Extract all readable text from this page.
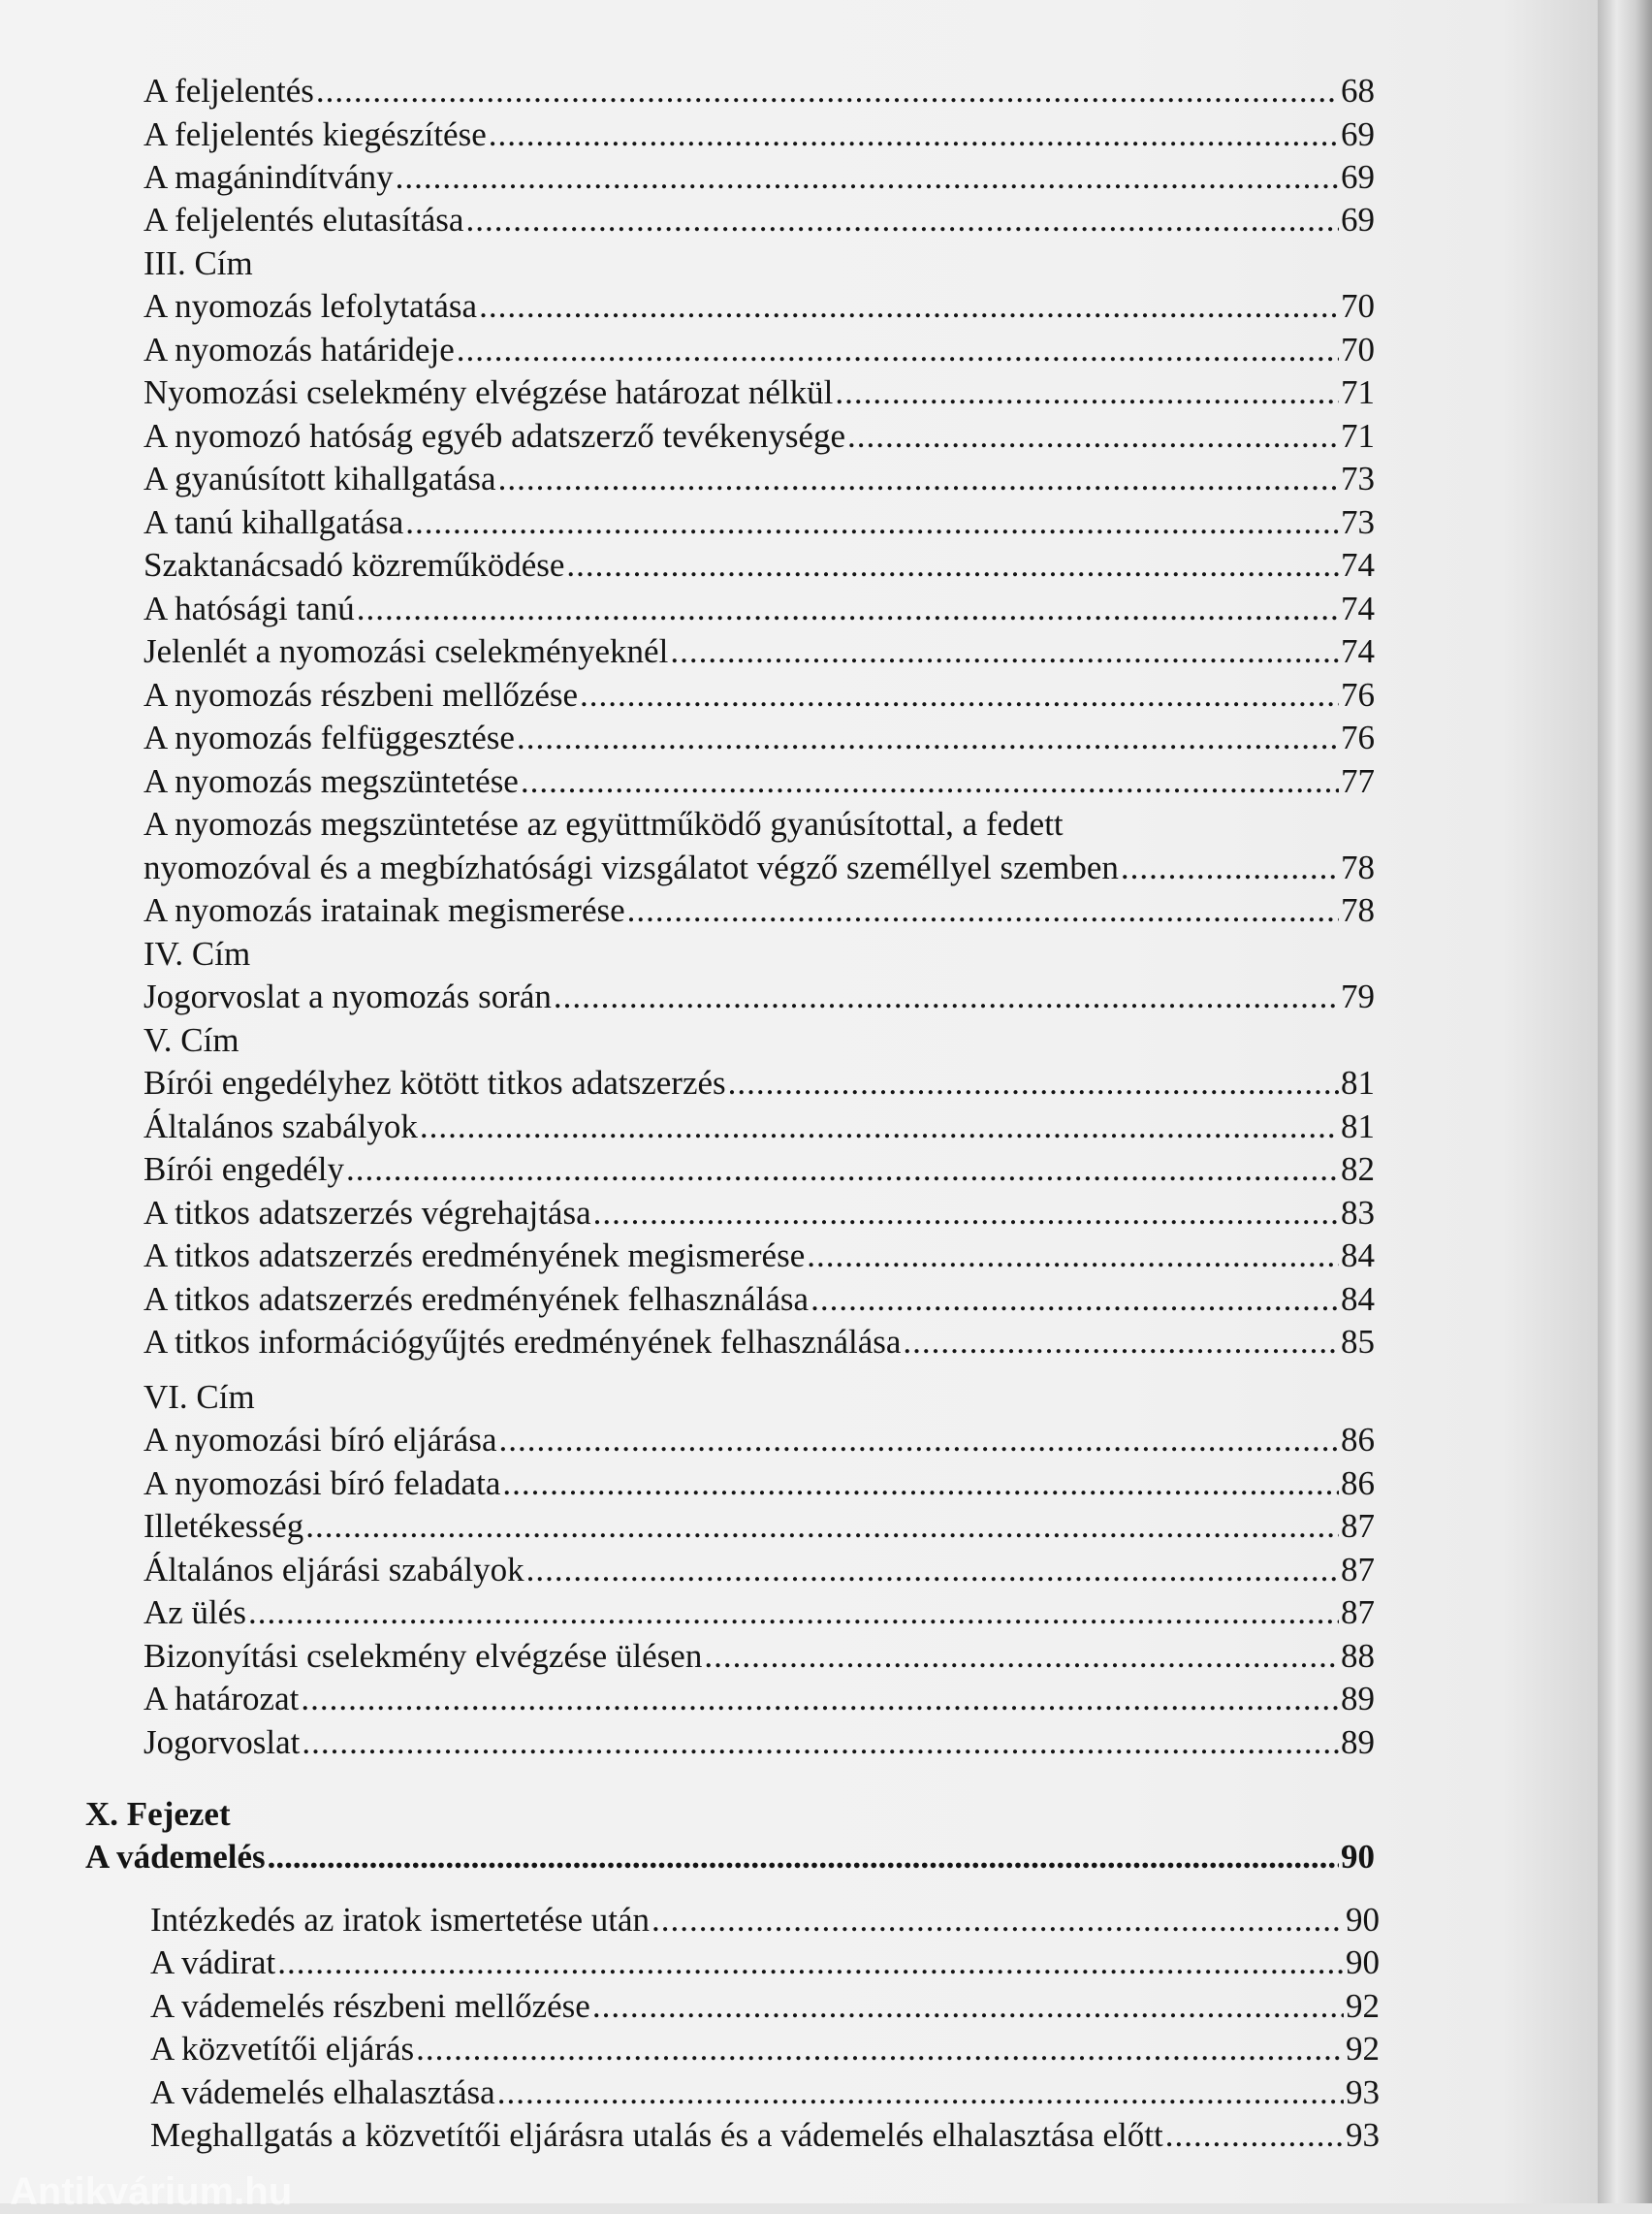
A feljelentés .....	68
A feljelentés kiegészítése .....	69
A magánindítvány .....	69
A feljelentés elutasítása .....	69
III. Cím
A nyomozás lefolytatása .....	70
A nyomozás határideje .....	70
Nyomozási cselekmény elvégzése határozat nélkül .....	71
A nyomozó hatóság egyéb adatszerző tevékenysége .....	71
A gyanúsított kihallgatása .....	73
A tanú kihallgatása .....	73
Szaktanácsadó közreműködése .....	74
A hatósági tanú .....	74
Jelenlét a nyomozási cselekményeknél .....	74
A nyomozás részbeni mellőzése .....	76
A nyomozás felfüggesztése .....	76
A nyomozás megszüntetése .....	77
A nyomozás megszüntetése az együttműködő gyanúsítottal, a fedett
nyomozóval és a megbízhatósági vizsgálatot végző személlyel szemben .....	78
A nyomozás iratainak megismerése .....	78
IV. Cím
Jogorvoslat a nyomozás során .....	79
V. Cím
Bírói engedélyhez kötött titkos adatszerzés .....	81
Általános szabályok .....	81
Bírói engedély .....	82
A titkos adatszerzés végrehajtása .....	83
A titkos adatszerzés eredményének megismerése .....	84
A titkos adatszerzés eredményének felhasználása .....	84
A titkos információgyűjtés eredményének felhasználása .....	85
VI. Cím
A nyomozási bíró eljárása .....	86
A nyomozási bíró feladata .....	86
Illetékesség .....	87
Általános eljárási szabályok .....	87
Az ülés .....	87
Bizonyítási cselekmény elvégzése ülésen .....	88
A határozat .....	89
Jogorvoslat .....	89
X. Fejezet
A vádemelés .....	90
Intézkedés az iratok ismertetése után .....	90
A vádirat .....	90
A vádemelés részbeni mellőzése .....	92
A közvetítői eljárás .....	92
A vádemelés elhalasztása .....	93
Meghallgatás a közvetítői eljárásra utalás és a vádemelés elhalasztása előtt .....	93
Antikvárium.hu
